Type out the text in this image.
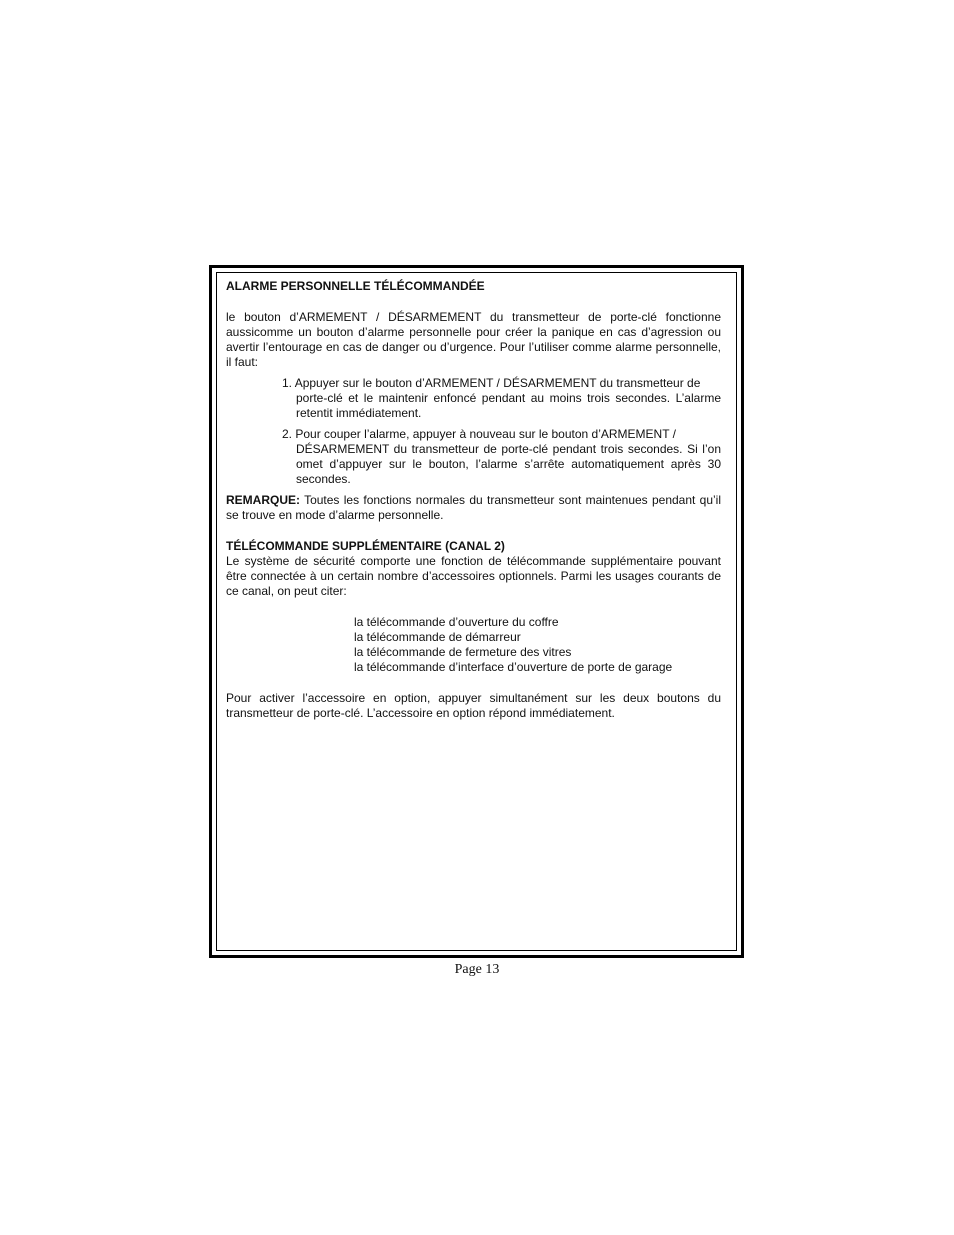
ALARME PERSONNELLE TÉLÉCOMMANDÉE

le bouton d’ARMEMENT / DÉSARMEMENT du transmetteur de porte-clé fonctionne aussicomme un bouton d’alarme personnelle pour créer la panique en cas d’agression ou avertir l’entourage en cas de danger ou d’urgence. Pour l’utiliser comme alarme personnelle, il faut:

1. Appuyer sur le bouton d’ARMEMENT / DÉSARMEMENT du transmetteur de
porte-clé et le maintenir enfoncé pendant au moins trois secondes. L’alarme retentit immédiatement.
2. Pour couper l’alarme, appuyer à nouveau sur le bouton d’ARMEMENT /
DÉSARMEMENT du transmetteur de porte-clé pendant trois secondes. Si l’on omet d’appuyer sur le bouton, l’alarme s’arrête automatiquement après 30 secondes.

REMARQUE: Toutes les fonctions normales du transmetteur sont maintenues pendant qu’il se trouve en mode d’alarme personnelle.

TÉLÉCOMMANDE SUPPLÉMENTAIRE (CANAL 2)

Le système de sécurité comporte une fonction de télécommande supplémentaire pouvant être connectée à un certain nombre d’accessoires optionnels. Parmi les usages courants de ce canal, on peut citer:

la télécommande d’ouverture du coffre
la télécommande de démarreur
la télécommande de fermeture des vitres
la télécommande d’interface d’ouverture de porte de garage

Pour activer l’accessoire en option, appuyer simultanément sur les deux boutons du transmetteur de porte-clé. L’accessoire en option répond immédiatement.

Page 13
